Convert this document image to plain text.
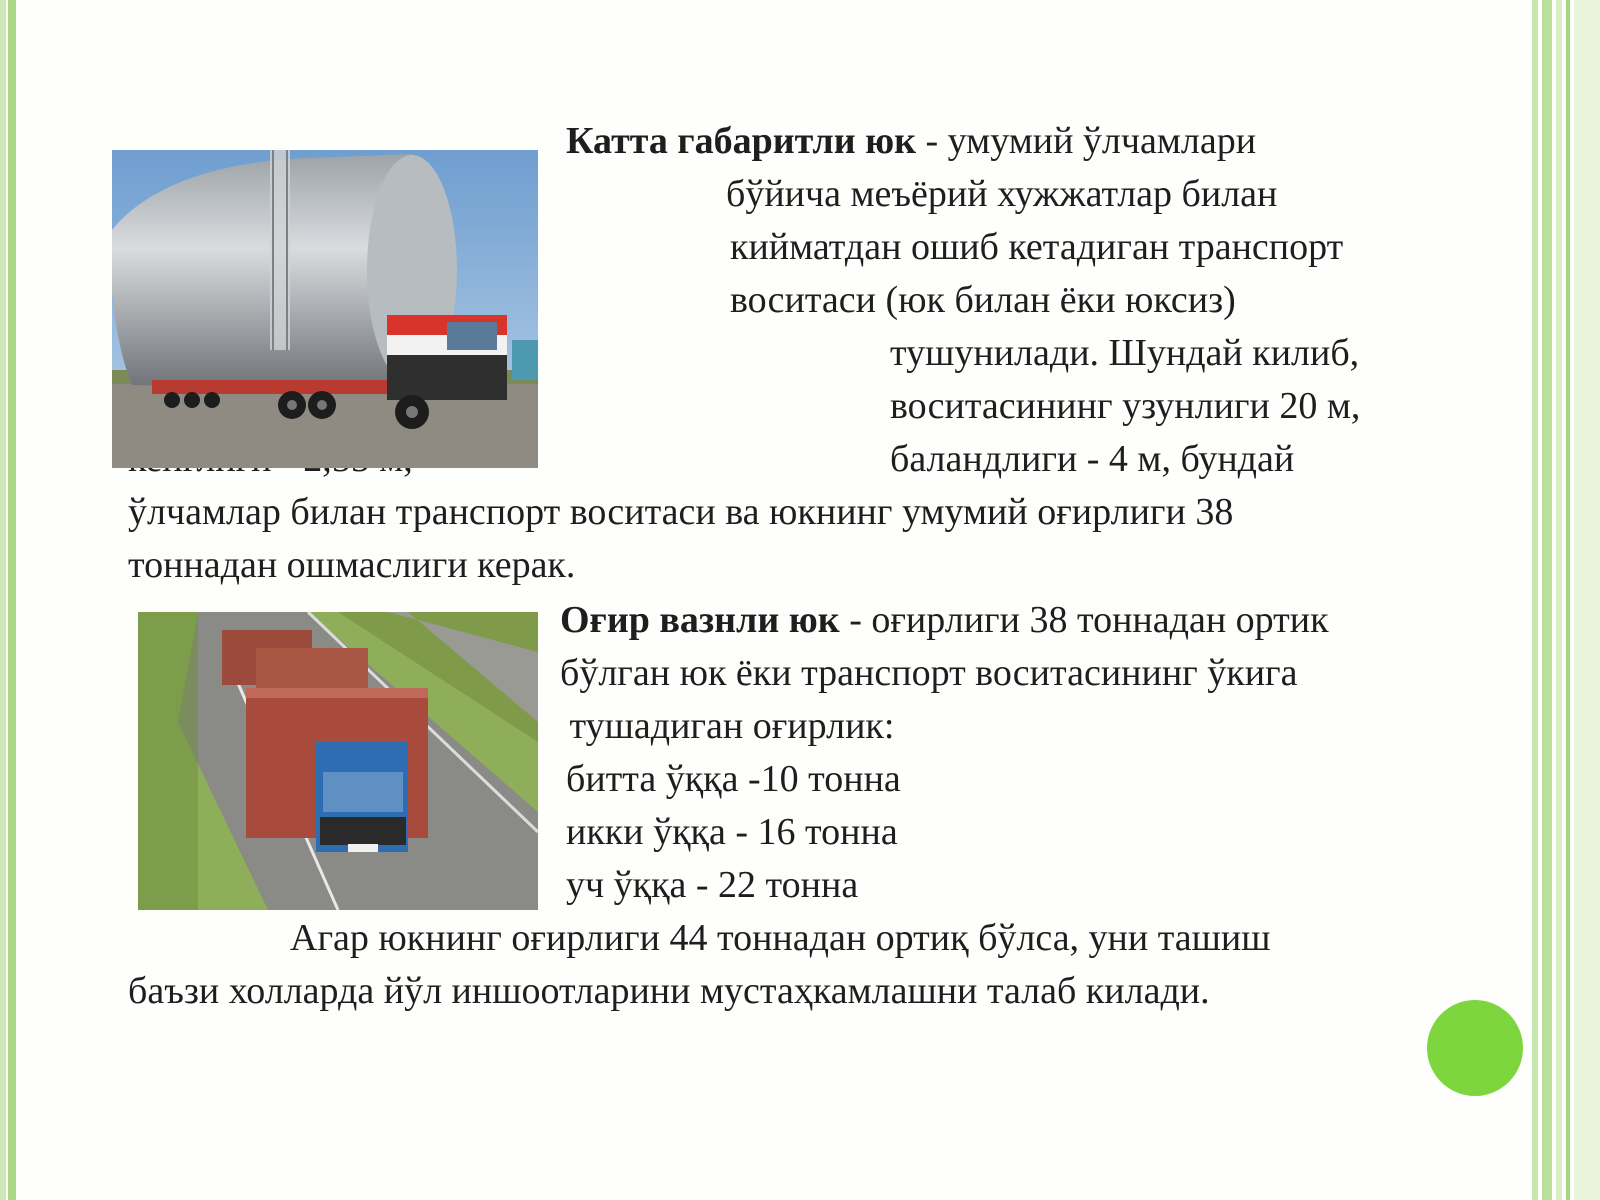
Катта габаритли юк - умумий ўлчамлари
бўйича меъёрий хужжатлар билан
кийматдан ошиб кетадиган транспорт
воситаси (юк билан ёки юксиз)
тушунилади. Шундай килиб,
воситасининг узунлиги 20 м,
баландлиги - 4 м, бундай
ўлчамлар билан транспорт воситаси ва юкнинг умумий оғирлиги 38
тоннадан ошмаслиги керак.
Оғир вазнли юк - оғирлиги 38 тоннадан ортик
бўлган юк ёки транспорт воситасининг ўкига
тушадиган оғирлик:
битта ўққа -10 тонна
икки ўққа - 16 тонна
уч ўққа - 22 тонна
Агар юкнинг оғирлиги 44 тоннадан ортиқ бўлса, уни ташиш
баъзи холларда йўл иншоотларини мустаҳкамлашни талаб килади.
